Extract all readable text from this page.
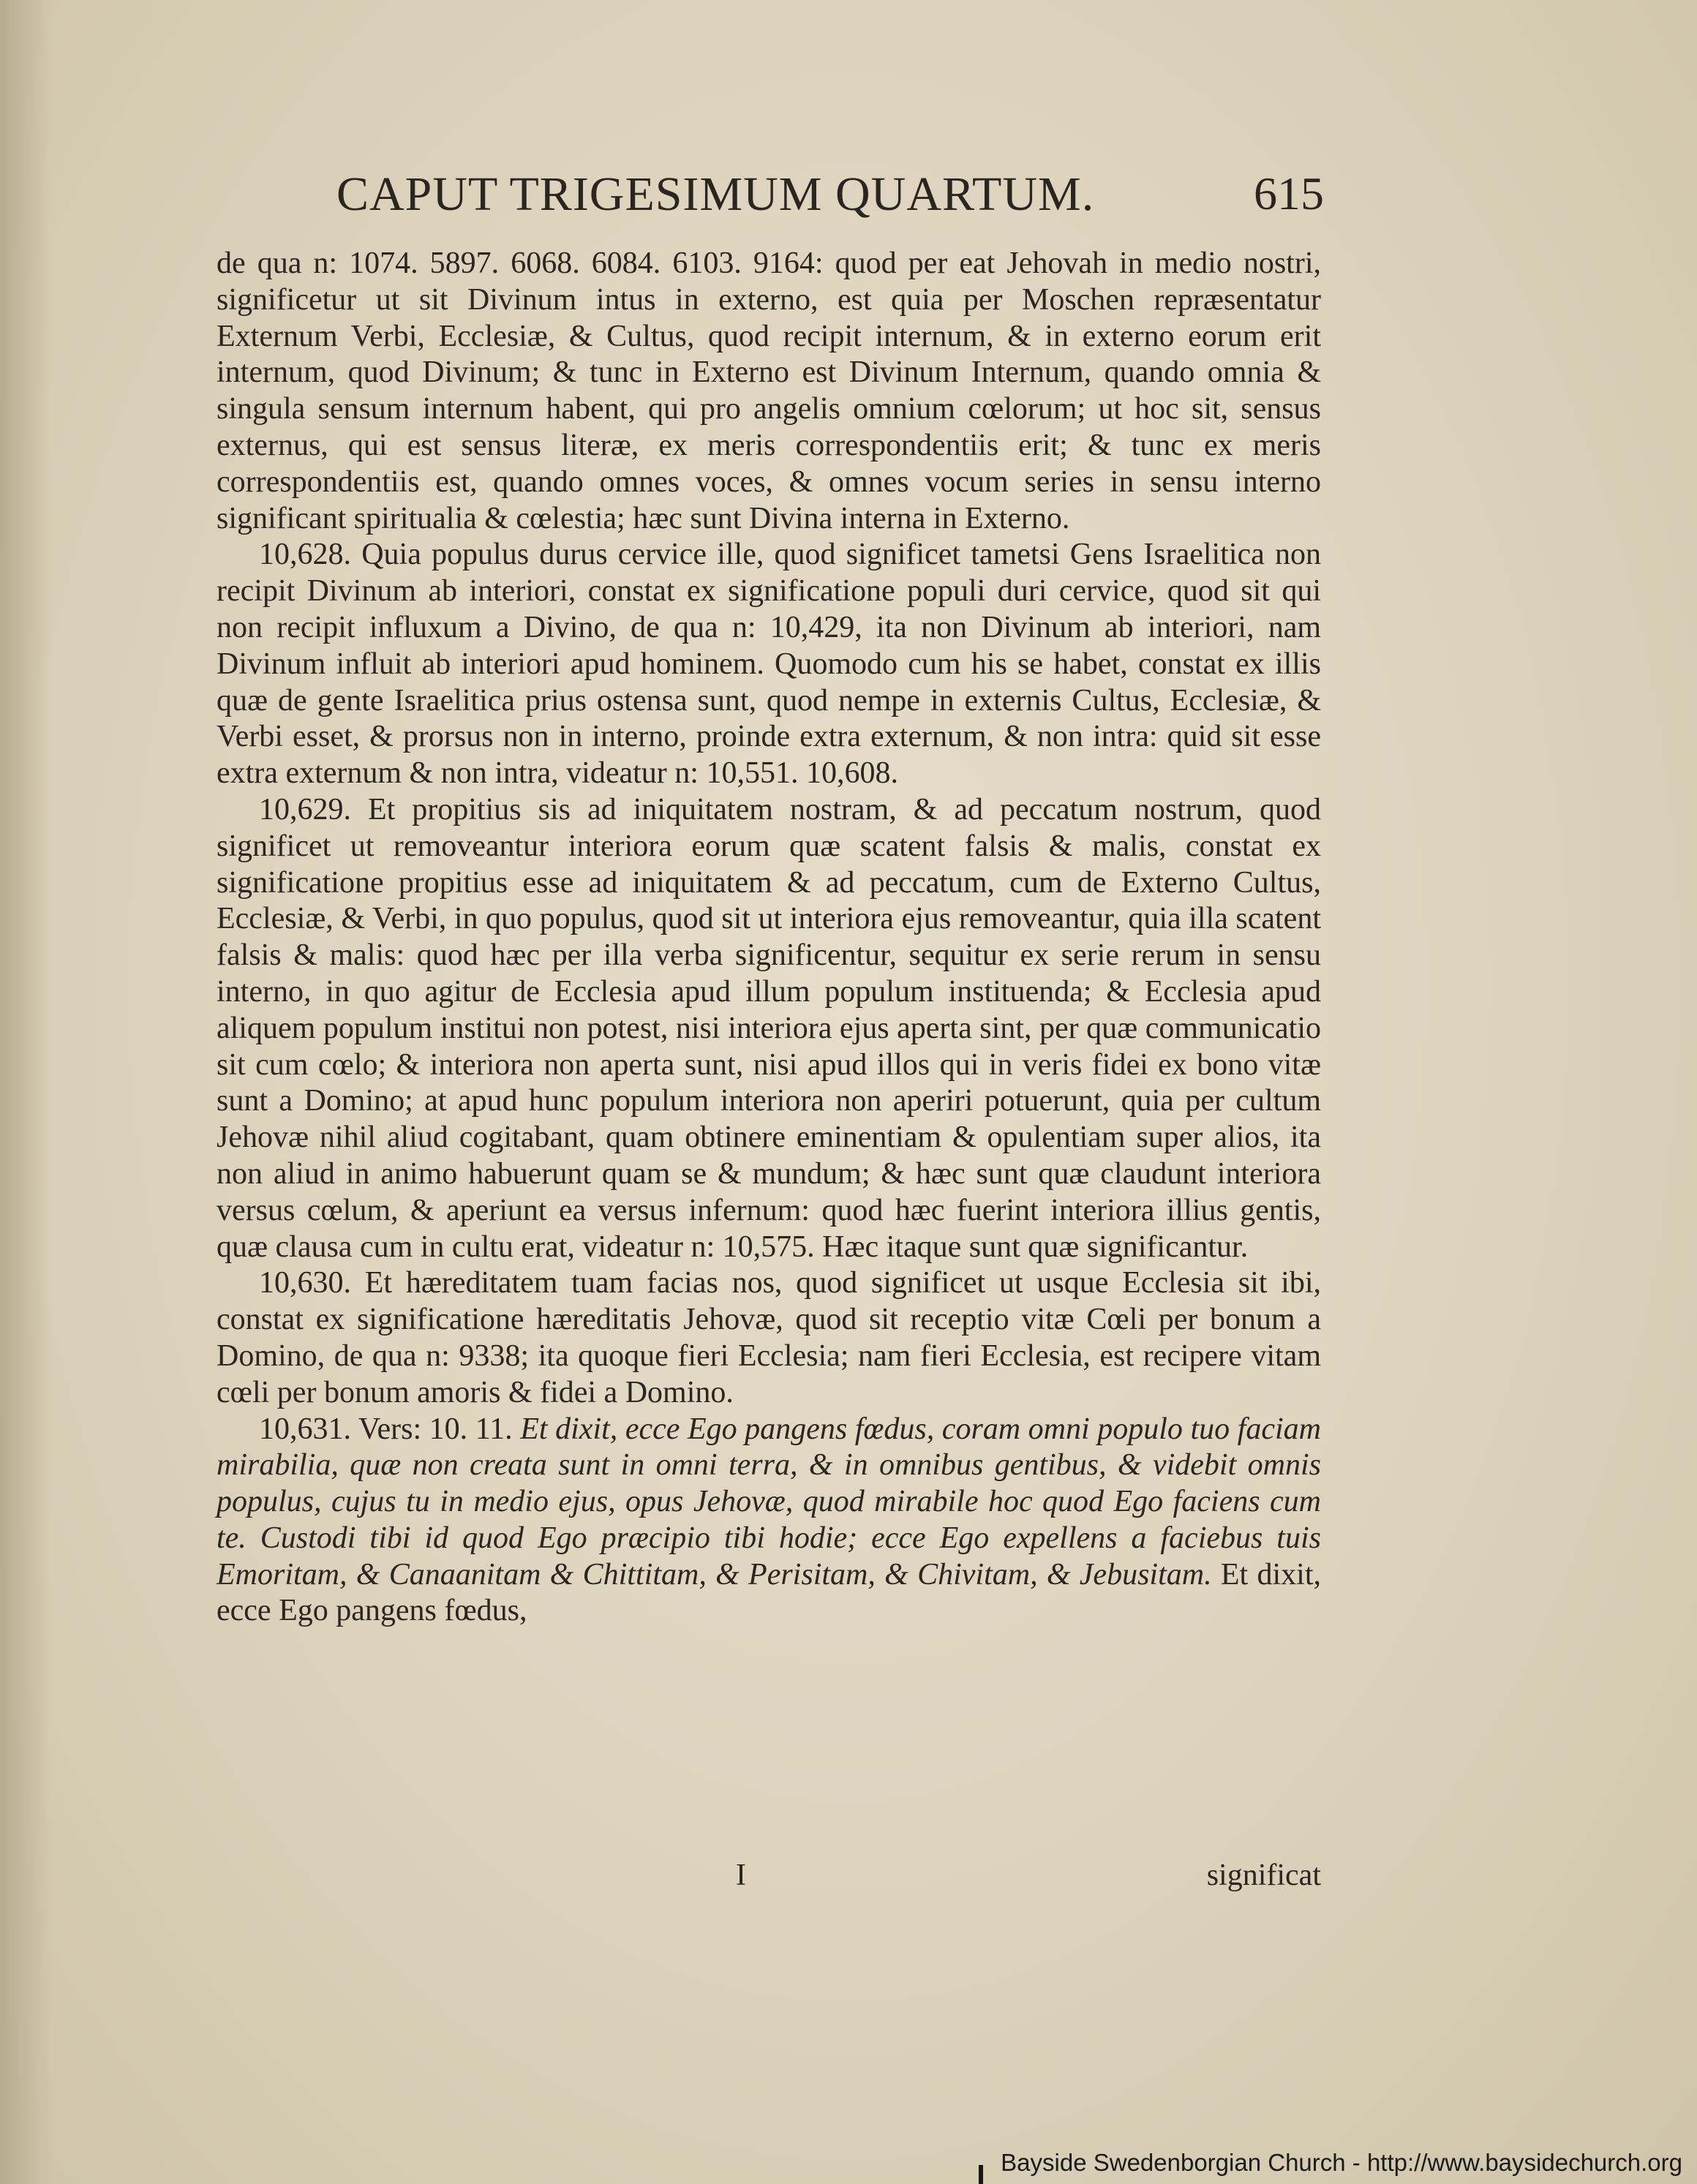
CAPUT TRIGESIMUM QUARTUM.	615

de qua n: 1074. 5897. 6068. 6084. 6103. 9164: quod per eat Jehovah in medio nostri, significetur ut sit Divinum intus in externo, est quia per Moschen repræsentatur Externum Verbi, Ecclesiæ, & Cultus, quod recipit internum, & in externo eorum erit internum, quod Divinum; & tunc in Externo est Divinum Internum, quando omnia & singula sensum internum habent, qui pro angelis omnium cœlorum; ut hoc sit, sensus externus, qui est sensus literæ, ex meris correspondentiis erit; & tunc ex meris correspondentiis est, quando omnes voces, & omnes vocum series in sensu interno significant spiritualia & cœlestia; hæc sunt Divina interna in Externo.

10,628. Quia populus durus cervice ille, quod significet tametsi Gens Israelitica non recipit Divinum ab interiori, constat ex significatione populi duri cervice, quod sit qui non recipit influxum a Divino, de qua n: 10,429, ita non Divinum ab interiori, nam Divinum influit ab interiori apud hominem. Quomodo cum his se habet, constat ex illis quæ de gente Israelitica prius ostensa sunt, quod nempe in externis Cultus, Ecclesiæ, & Verbi esset, & prorsus non in interno, proinde extra externum, & non intra: quid sit esse extra externum & non intra, videatur n: 10,551. 10,608.

10,629. Et propitius sis ad iniquitatem nostram, & ad peccatum nostrum, quod significet ut removeantur interiora eorum quæ scatent falsis & malis, constat ex significatione propitius esse ad iniquitatem & ad peccatum, cum de Externo Cultus, Ecclesiæ, & Verbi, in quo populus, quod sit ut interiora ejus removeantur, quia illa scatent falsis & malis: quod hæc per illa verba significentur, sequitur ex serie rerum in sensu interno, in quo agitur de Ecclesia apud illum populum instituenda; & Ecclesia apud aliquem populum institui non potest, nisi interiora ejus aperta sint, per quæ communicatio sit cum cœlo; & interiora non aperta sunt, nisi apud illos qui in veris fidei ex bono vitæ sunt a Domino; at apud hunc populum interiora non aperiri potuerunt, quia per cultum Jehovæ nihil aliud cogitabant, quam obtinere eminentiam & opulentiam super alios, ita non aliud in animo habuerunt quam se & mundum; & hæc sunt quæ claudunt interiora versus cœlum, & aperiunt ea versus infernum: quod hæc fuerint interiora illius gentis, quæ clausa cum in cultu erat, videatur n: 10,575. Hæc itaque sunt quæ significantur.

10,630. Et hæreditatem tuam facias nos, quod significet ut usque Ecclesia sit ibi, constat ex significatione hæreditatis Jehovæ, quod sit receptio vitæ Cœli per bonum a Domino, de qua n: 9338; ita quoque fieri Ecclesia; nam fieri Ecclesia, est recipere vitam cœli per bonum amoris & fidei a Domino.

10,631. Vers: 10. 11. Et dixit, ecce Ego pangens fœdus, coram omni populo tuo faciam mirabilia, quæ non creata sunt in omni terra, & in omnibus gentibus, & videbit omnis populus, cujus tu in medio ejus, opus Jehovæ, quod mirabile hoc quod Ego faciens cum te. Custodi tibi id quod Ego præcipio tibi hodie; ecce Ego expellens a faciebus tuis Emoritam, & Canaanitam & Chittitam, & Perisitam, & Chivitam, & Jebusitam. Et dixit, ecce Ego pangens fœdus,

I	significat
Bayside Swedenborgian Church - http://www.baysidechurch.org
